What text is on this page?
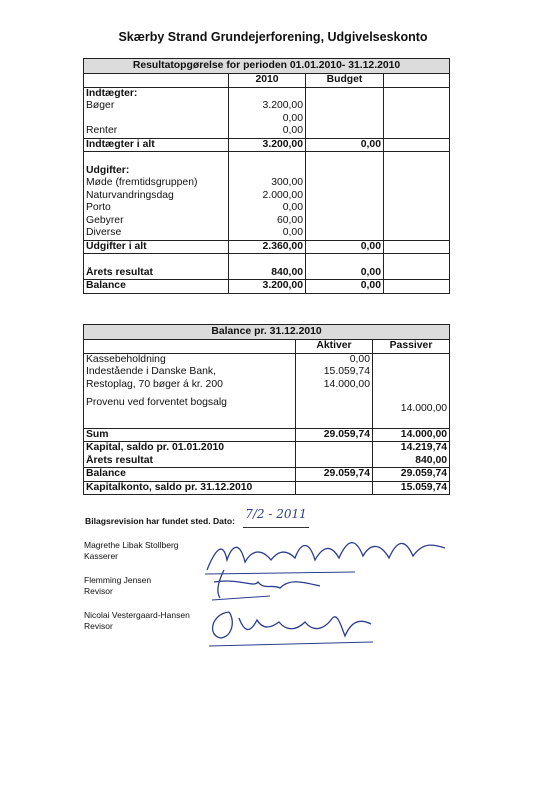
Skærby Strand Grundejerforening, Udgivelseskonto
Resultatopgørelse for perioden 01.01.2010- 31.12.2010			
	2010	Budget	
Indtægter:			
Bøger	3.200,00		
	0,00		
Renter	0,00		
Indtægter i alt	3.200,00	0,00	

Udgifter:			
Møde (fremtidsgruppen)	300,00		
Naturvandringsdag	2.000,00		
Porto	0,00		
Gebyrer	60,00		
Diverse	0,00		
Udgifter i alt	2.360,00	0,00	

Årets resultat	840,00	0,00	
Balance	3.200,00	0,00	
Balance pr. 31.12.2010		
	Aktiver	Passiver
Kassebeholdning	0,00	
Indestående i Danske Bank,	15.059,74	
Restoplag, 70 bøger á kr. 200	14.000,00	
Provenu ved forventet bogsalg		14.000,00

Sum	29.059,74	14.000,00
Kapital, saldo pr. 01.01.2010		14.219,74
Årets resultat		840,00
Balance	29.059,74	29.059,74
Kapitalkonto, saldo pr. 31.12.2010		15.059,74
Bilagsrevision har fundet sted. Dato: 7/2 - 2011
Magrethe Libak Stollberg
Kasserer
Flemming Jensen
Revisor
Nicolai Vestergaard-Hansen
Revisor
